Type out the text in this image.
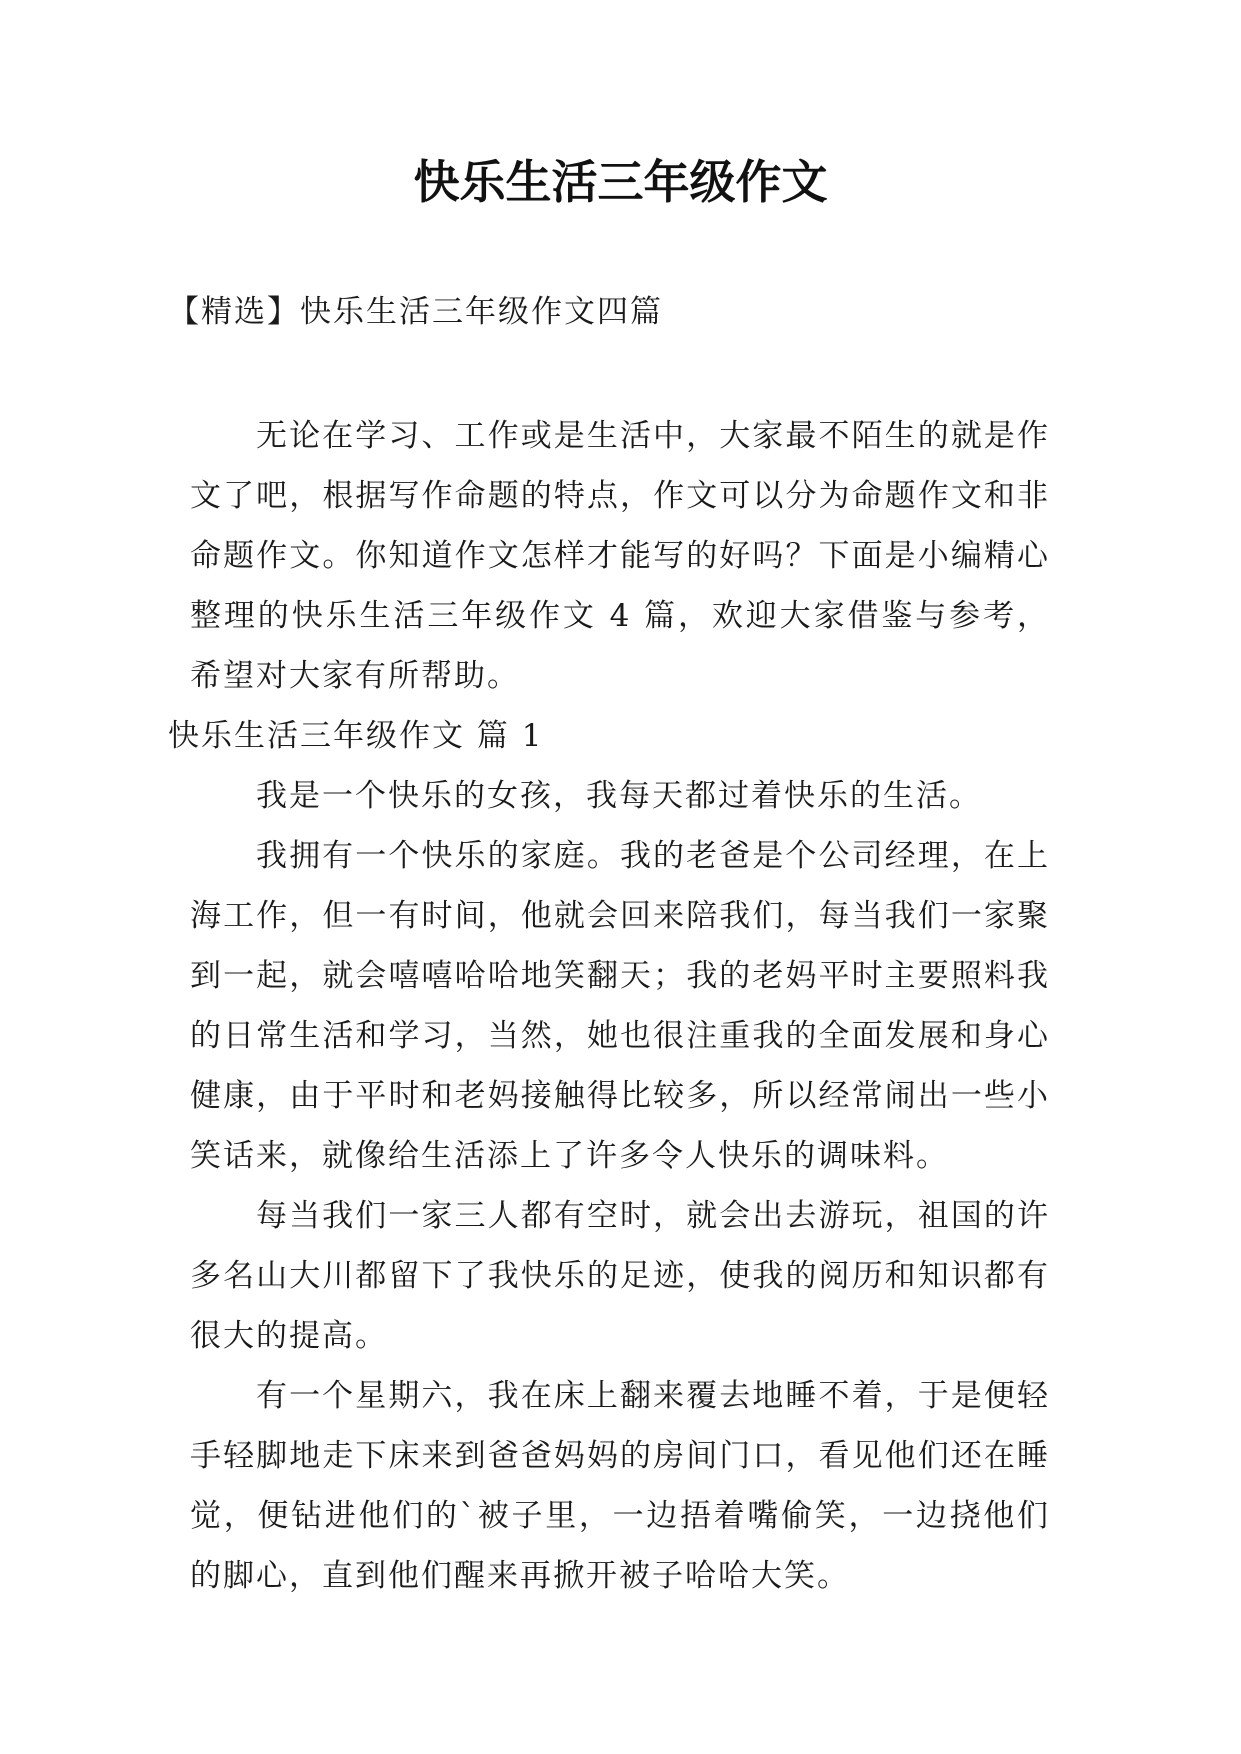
快乐生活三年级作文

【精选】快乐生活三年级作文四篇

无论在学习、工作或是生活中，大家最不陌生的就是作文了吧，根据写作命题的特点，作文可以分为命题作文和非命题作文。你知道作文怎样才能写的好吗？下面是小编精心整理的快乐生活三年级作文 4 篇，欢迎大家借鉴与参考，希望对大家有所帮助。

快乐生活三年级作文 篇 1

我是一个快乐的女孩，我每天都过着快乐的生活。

我拥有一个快乐的家庭。我的老爸是个公司经理，在上海工作，但一有时间，他就会回来陪我们，每当我们一家聚到一起，就会嘻嘻哈哈地笑翻天；我的老妈平时主要照料我的日常生活和学习，当然，她也很注重我的全面发展和身心健康，由于平时和老妈接触得比较多，所以经常闹出一些小笑话来，就像给生活添上了许多令人快乐的调味料。

每当我们一家三人都有空时，就会出去游玩，祖国的许多名山大川都留下了我快乐的足迹，使我的阅历和知识都有很大的提高。

有一个星期六，我在床上翻来覆去地睡不着，于是便轻手轻脚地走下床来到爸爸妈妈的房间门口，看见他们还在睡觉，便钻进他们的`被子里，一边捂着嘴偷笑，一边挠他们的脚心，直到他们醒来再掀开被子哈哈大笑。
